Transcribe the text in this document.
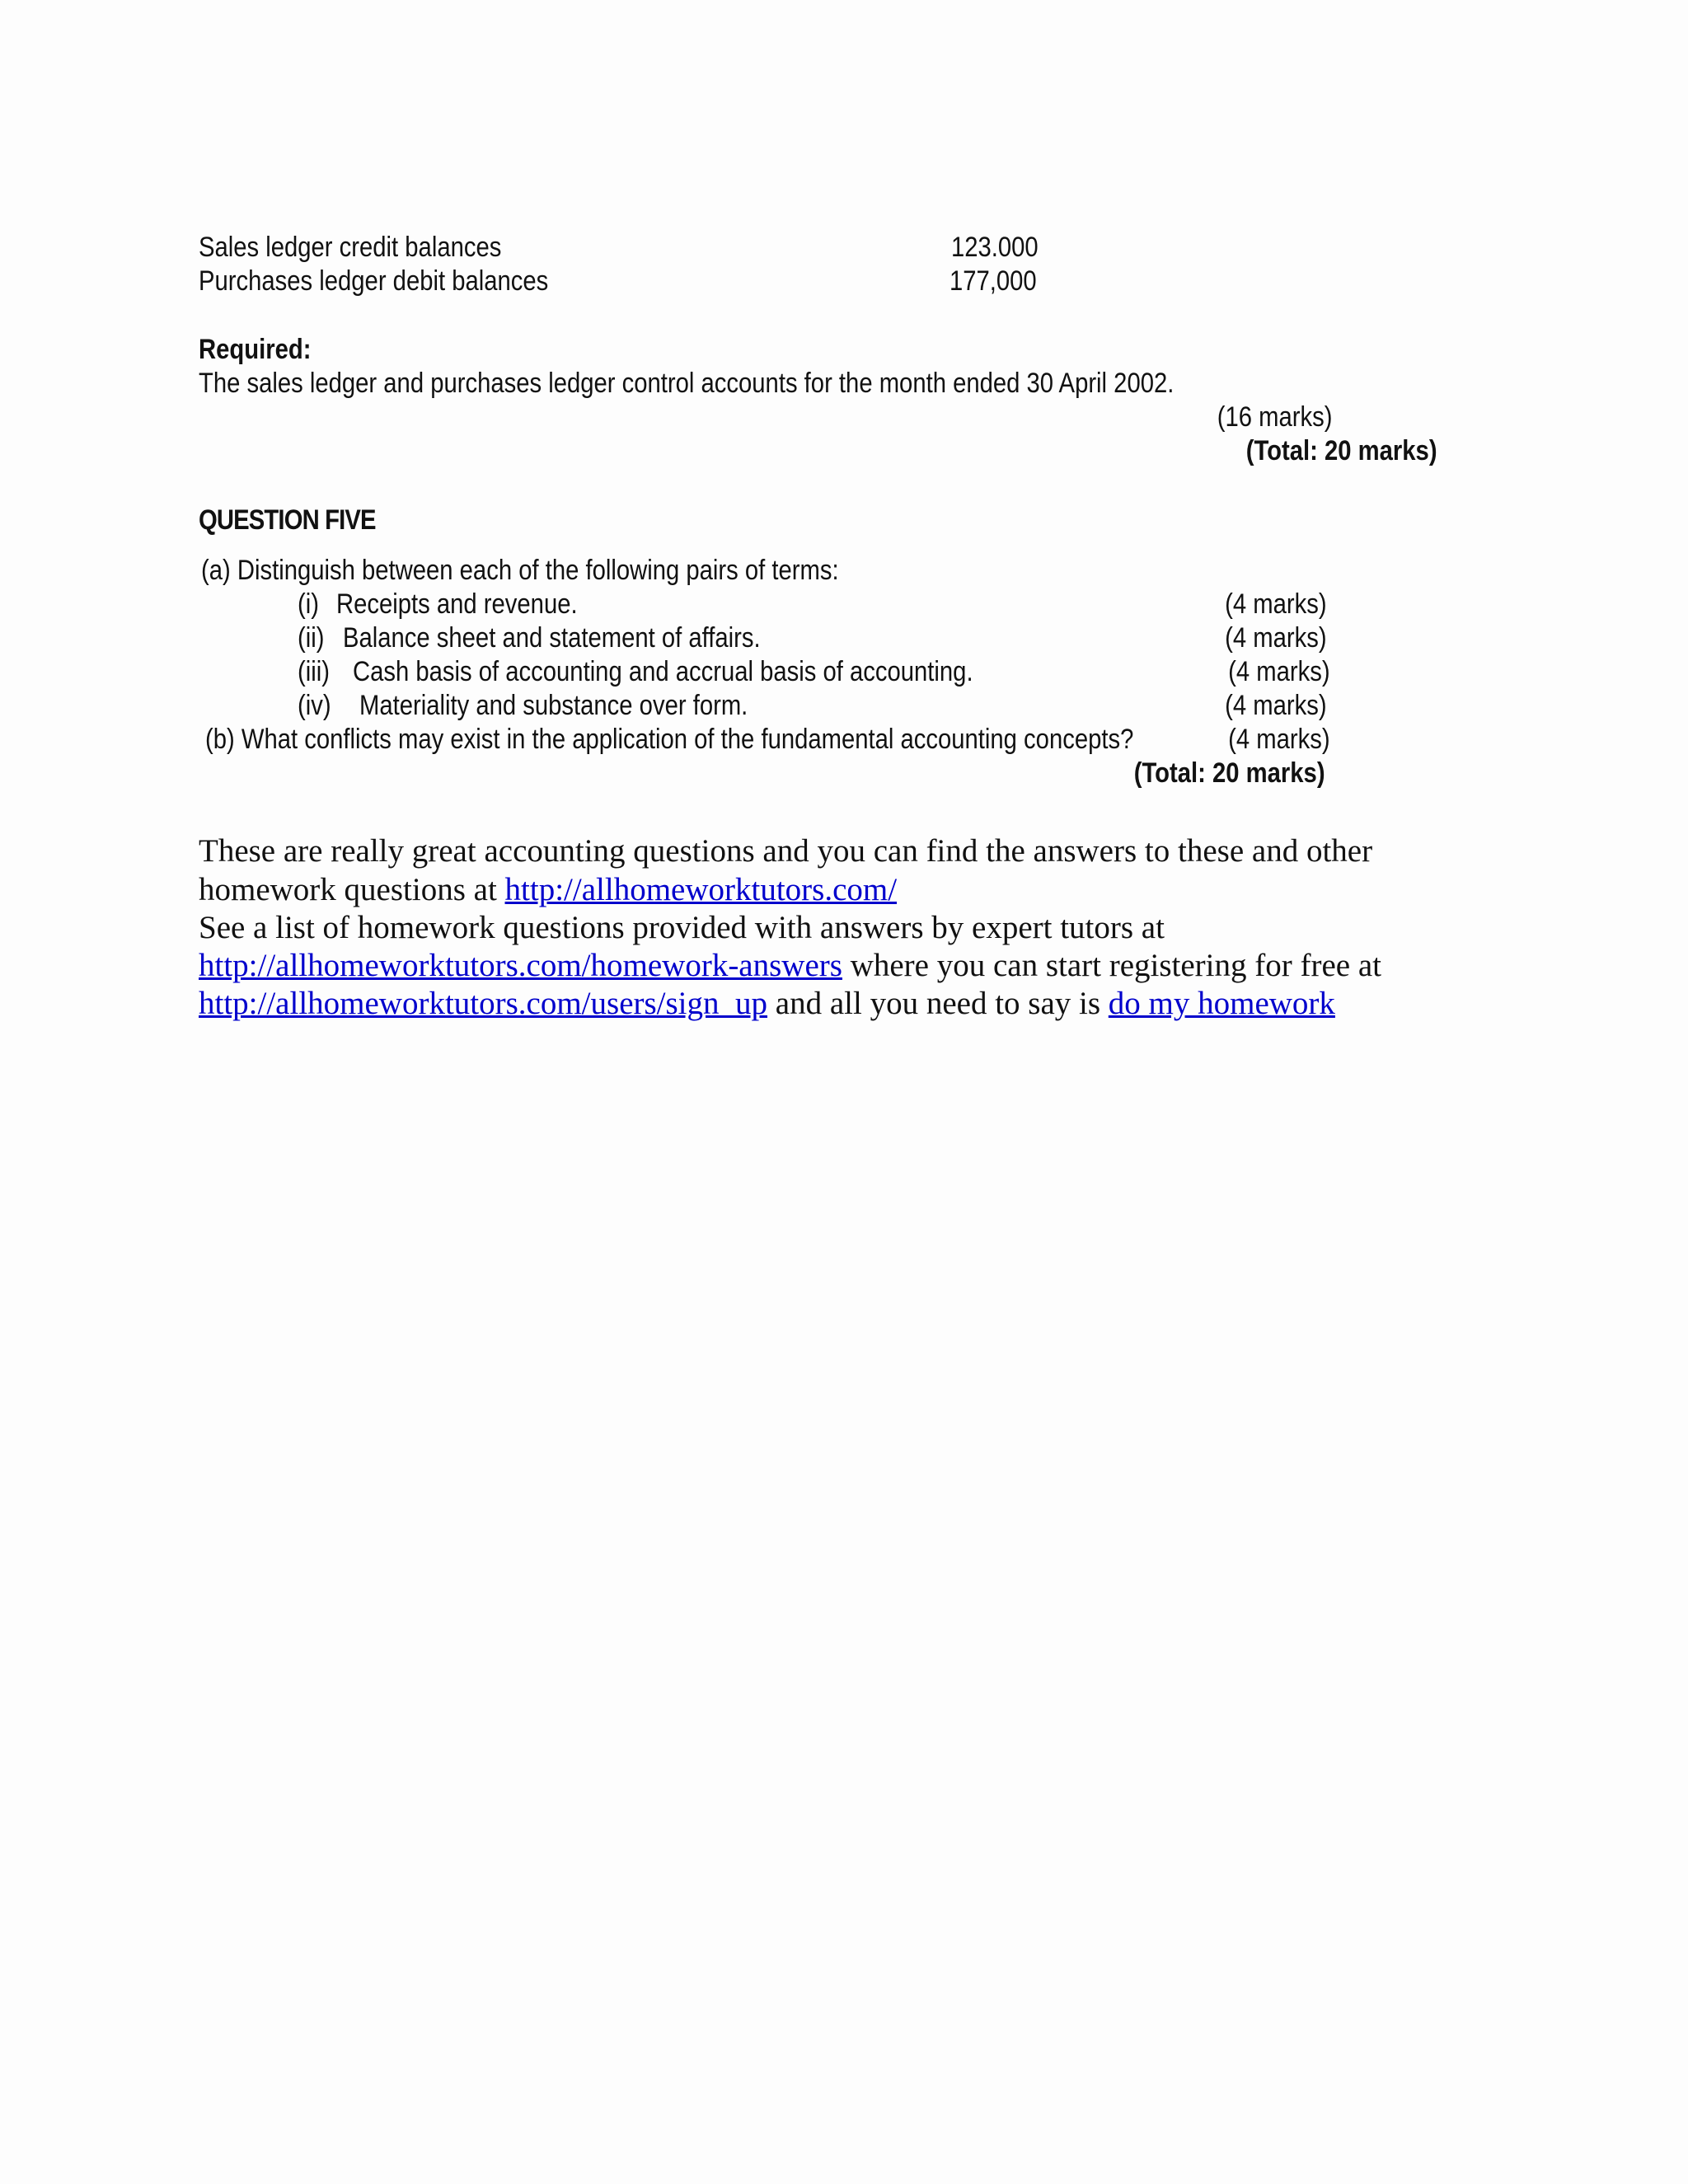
Sales ledger credit balances	123.000
Purchases ledger debit balances	177,000
Required:
The sales ledger and purchases ledger control accounts for the month ended 30 April 2002.
(16 marks)
(Total: 20 marks)
QUESTION FIVE
(a) Distinguish between each of the following pairs of terms:
(i) Receipts and revenue.	(4 marks)
(ii) Balance sheet and statement of affairs.	(4 marks)
(iii) Cash basis of accounting and accrual basis of accounting.	(4 marks)
(iv) Materiality and substance over form.	(4 marks)
(b) What conflicts may exist in the application of the fundamental accounting concepts?	(4 marks)
(Total: 20 marks)
These are really great accounting questions and you can find the answers to these and other
homework questions at http://allhomeworktutors.com/
See a list of homework questions provided with answers by expert tutors at
http://allhomeworktutors.com/homework-answers where you can start registering for free at
http://allhomeworktutors.com/users/sign_up and all you need to say is do my homework
